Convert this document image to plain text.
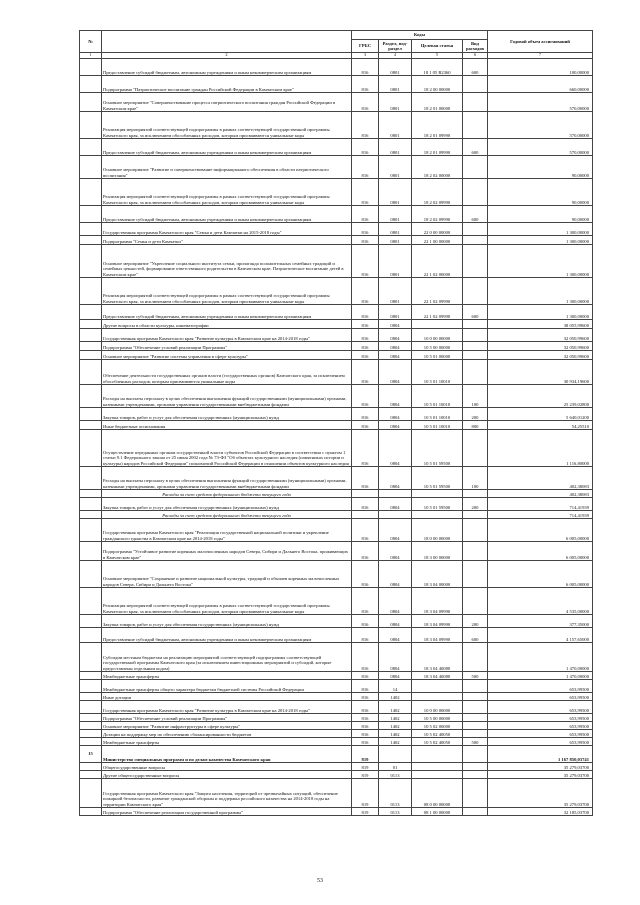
№		Коды				Годовой объем ассигнований
		ГРБС	Раздел, под-раздел	Целевая статья	Вид расходов	
1	2	3	4	5	6	7
	Предоставление субсидий бюджетным, автономным учреждениям и иным некоммерческим организациям	816	0801	18 1 05 R2360	600	100,00000
	Подпрограмма "Патриотическое воспитание граждан Российской Федерации в Камчатском крае"	816	0801	18 2 00 00000		660,00000
	Основное мероприятие "Совершенствование процесса патриотического воспитания граждан Российской Федерации в Камчатском крае"	816	0801	18 2 01 00000		570,00000
	Реализация мероприятий соответствующей подпрограммы в рамках соответствующей государственной программы Камчатского края, за исключением обособленных расходов, которым присваиваются уникальные коды	816	0801	18 2 01 09990		570,00000
	Предоставление субсидий бюджетным, автономным учреждениям и иным некоммерческим организациям	816	0801	18 2 01 09990	600	570,00000
	Основное мероприятие "Развитие и совершенствование информационного обеспечения в области патриотического воспитания"	816	0801	18 2 02 00000		90,00000
	Реализация мероприятий соответствующей подпрограммы в рамках соответствующей государственной программы Камчатского края, за исключением обособленных расходов, которым присваиваются уникальные коды	816	0801	18 2 02 09990		90,00000
	Предоставление субсидий бюджетным, автономным учреждениям и иным некоммерческим организациям	816	0801	18 2 02 09990	600	90,00000
	Государственная программа Камчатского края "Семья и дети Камчатки на 2015-2018 годы"	816	0801	22 0 00 00000		1 300,00000
	Подпрограмма "Семья и дети Камчатки"	816	0801	22 1 00 00000		1 300,00000
	Основное мероприятие "Укрепление социального института семьи, пропаганда положительных семейных традиций и семейных ценностей, формирование ответственного родительства в Камчатском крае. Патриотическое воспитание детей в Камчатском крае"	816	0801	22 1 02 00000		1 300,00000
	Реализация мероприятий соответствующей подпрограммы в рамках соответствующей государственной программы Камчатского края, за исключением обособленных расходов, которым присваиваются уникальные коды	816	0801	22 1 02 09990		1 300,00000
	Предоставление субсидий бюджетным, автономным учреждениям и иным некоммерческим организациям	816	0801	22 1 02 09990	600	1 300,00000
	Другие вопросы в области культуры, кинематографии	816	0804			38 055,99600
	Государственная программа Камчатского края "Развитие культуры в Камчатском крае на 2014-2018 годы"	816	0804	10 0 00 00000		32 050,99600
	Подпрограмма "Обеспечение условий реализации Программы"	816	0804	10 5 00 00000		32 050,99600
	Основное мероприятие "Развитие системы управления в сфере культуры"	816	0804	10 5 01 00000		32 050,99600
	Обеспечение деятельности государственных органов власти (государственных органов) Камчатского края, за исключением обособленных расходов, которым присваиваются уникальные коды	816	0804	10 5 01 10010		30 934,19600
	Расходы на выплаты персоналу в целях обеспечения выполнения функций государственными (муниципальными) органами, казенными учреждениями, органами управления государственными внебюджетными фондами	816	0804	10 5 01 10010	100	25 239,02800
	Закупка товаров, работ и услуг для обеспечения государственных (муниципальных) нужд	816	0804	10 5 01 10010	200	5 640,01200
	Иные бюджетные ассигнования	816	0804	10 5 01 10010	800	54,25510
	Осуществление переданных органам государственной власти субъектов Российской Федерации в соответствии с пунктом 1 статьи 9.1 Федерального закона от 25 июня 2002 года № 73-ФЗ "Об объектах культурного наследия (памятниках истории и культуры) народов Российской Федерации" полномочий Российской Федерации в отношении объектов культурного наследия	816	0804	10 5 01 59500		1 116,80000
	Расходы на выплаты персоналу в целях обеспечения выполнения функций государственными (муниципальными) органами, казенными учреждениями, органами управления государственными внебюджетными фондами	816	0804	10 5 01 59500	100	402,38083
	Расходы за счет средств федерального бюджета текущего года					402,38083
	Закупка товаров, работ и услуг для обеспечения государственных (муниципальных) нужд	816	0804	10 5 01 59500	200	714,41939
	Расходы за счет средств федерального бюджета текущего года					714,41939
	Государственная программа Камчатского края "Реализация государственной национальной политики и укрепление гражданского единства в Камчатском крае на 2014-2018 годы"	816	0804	18 0 00 00000		6 005,00000
	Подпрограмма "Устойчивое развитие коренных малочисленных народов Севера, Сибири и Дальнего Востока, проживающих в Камчатском крае"	816	0804	18 3 00 00000		6 005,00000
	Основное мероприятие "Сохранение и развитие национальной культуры, традиций и обычаев коренных малочисленных народов Севера, Сибири и Дальнего Востока"	816	0804	18 3 04 00000		6 005,00000
	Реализация мероприятий соответствующей подпрограммы в рамках соответствующей государственной программы Камчатского края, за исключением обособленных расходов, которым присваиваются уникальные коды	816	0804	18 3 04 09990		4 535,00000
	Закупка товаров, работ и услуг для обеспечения государственных (муниципальных) нужд	816	0804	18 3 04 09990	200	377,35000
	Предоставление субсидий бюджетным, автономным учреждениям и иным некоммерческим организациям	816	0804	18 3 04 09990	600	4 157,65000
	Субсидии местным бюджетам на реализацию мероприятий соответствующей подпрограммы соответствующей государственной программы Камчатского края (за исключением инвестиционных мероприятий и субсидий, которые предоставлены отдельным кодом)	816	0804	18 3 04 40080		1 470,00000
	Межбюджетные трансферты	816	0804	18 3 04 40080	500	1 470,00000
	Межбюджетные трансферты общего характера бюджетам бюджетной системы Российской Федерации	816	14			653,99500
	Иные дотации	816	1402			653,99500
	Государственная программа Камчатского края "Развитие культуры в Камчатском крае на 2014-2018 годы"	816	1402	10 0 00 00000		653,99500
	Подпрограмма "Обеспечение условий реализации Программы"	816	1402	10 5 00 00000		653,99500
	Основное мероприятие "Развитие инфраструктуры в сфере культуры"	816	1402	10 5 02 00000		653,99500
	Дотации на поддержку мер по обеспечению сбалансированности бюджетов	816	1402	10 5 02 40050		653,99500
	Межбюджетные трансферты	816	1402	10 5 02 40050	500	653,99500
15	Министерство специальных программ и по делам казачества Камчатского края	819				1 167 850,03741
	Общегосударственные вопросы	819	01			35 279,03700
	Другие общегосударственные вопросы	819	0113			35 279,03700
	Государственная программа Камчатского края "Защита населения, территорий от чрезвычайных ситуаций, обеспечение пожарной безопасности, развитие гражданской обороны и поддержка российского казачества на 2014-2018 годы на территории Камчатского края"	819	0113	08 0 00 00000		35 279,03700
	Подпрограмма "Обеспечение реализации государственной программы"	819	0113	08 1 00 00000		32 185,03700
53
